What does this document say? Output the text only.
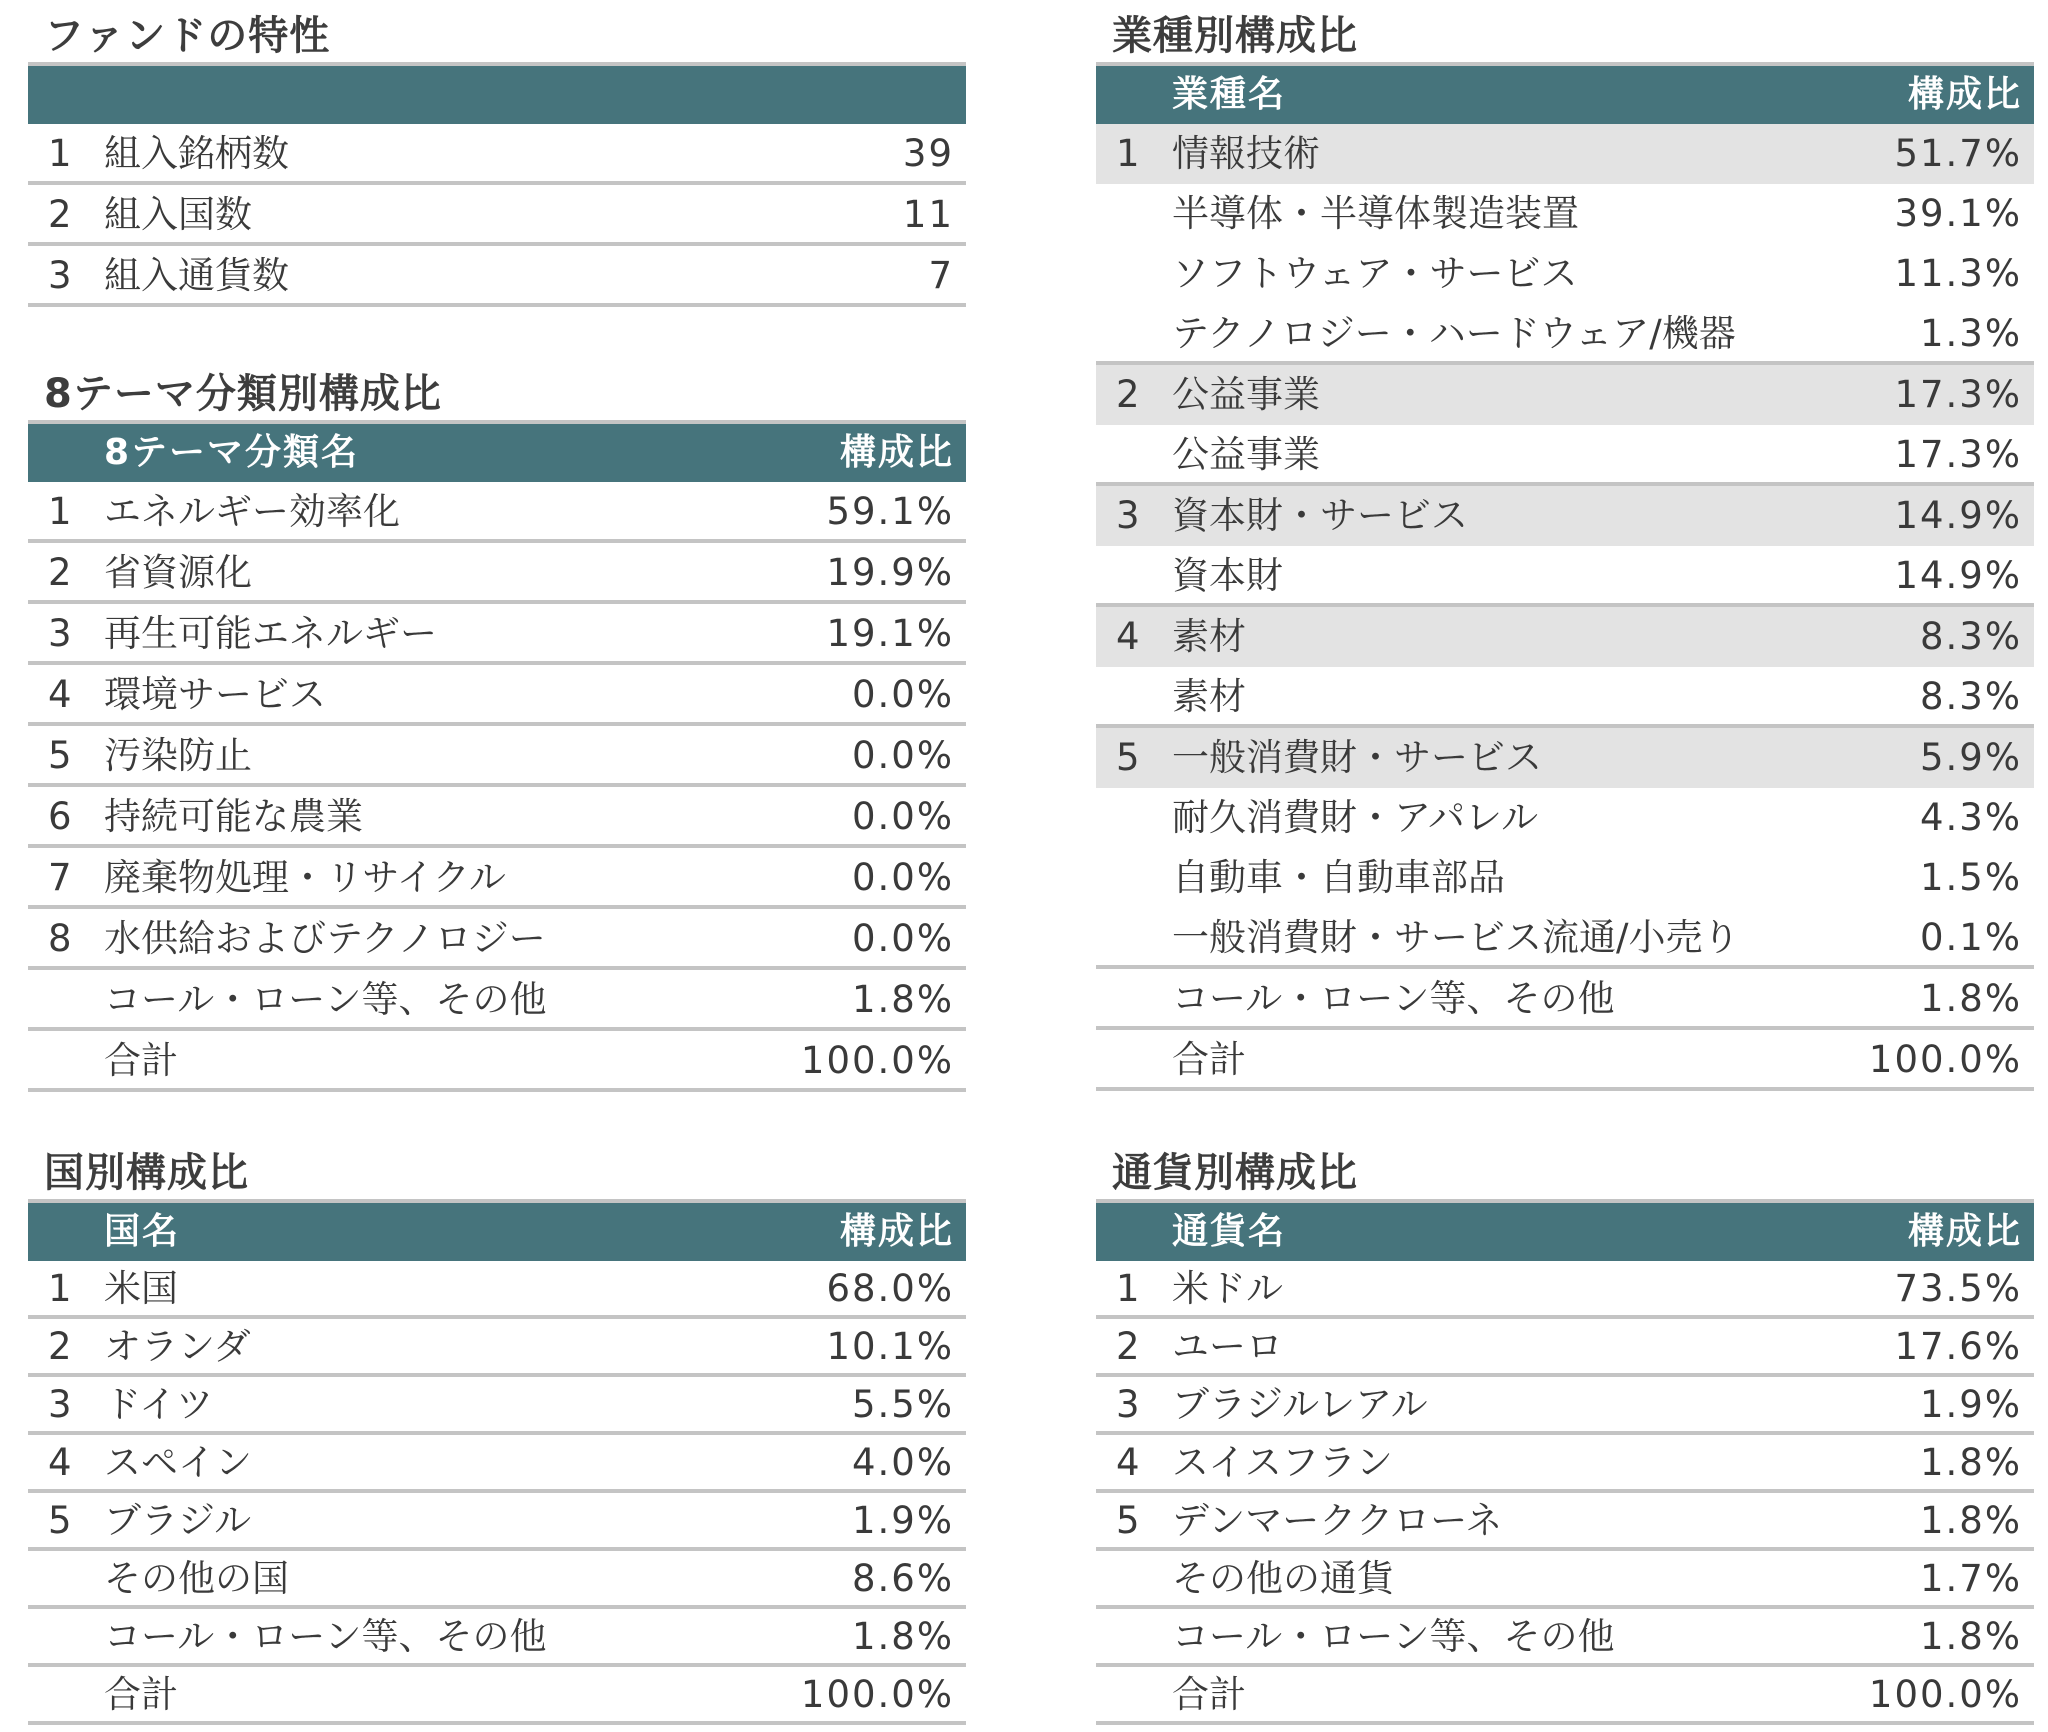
ファンドの特性
1 組入銘柄数	39
2 組入国数	11
3 組入通貨数	7
8テーマ分類別構成比
8テーマ分類名	構成比
1 エネルギー効率化	59.1%
2 省資源化	19.9%
3 再生可能エネルギー	19.1%
4 環境サービス	0.0%
5 汚染防止	0.0%
6 持続可能な農業	0.0%
7 廃棄物処理・リサイクル	0.0%
8 水供給およびテクノロジー	0.0%
コール・ローン等、その他	1.8%
合計	100.0%
国別構成比
国名	構成比
1 米国	68.0%
2 オランダ	10.1%
3 ドイツ	5.5%
4 スペイン	4.0%
5 ブラジル	1.9%
その他の国	8.6%
コール・ローン等、その他	1.8%
合計	100.0%
業種別構成比
業種名	構成比
1 情報技術	51.7%
半導体・半導体製造装置	39.1%
ソフトウェア・サービス	11.3%
テクノロジー・ハードウェア/機器	1.3%
2 公益事業	17.3%
公益事業	17.3%
3 資本財・サービス	14.9%
資本財	14.9%
4 素材	8.3%
素材	8.3%
5 一般消費財・サービス	5.9%
耐久消費財・アパレル	4.3%
自動車・自動車部品	1.5%
一般消費財・サービス流通/小売り	0.1%
コール・ローン等、その他	1.8%
合計	100.0%
通貨別構成比
通貨名	構成比
1 米ドル	73.5%
2 ユーロ	17.6%
3 ブラジルレアル	1.9%
4 スイスフラン	1.8%
5 デンマーククローネ	1.8%
その他の通貨	1.7%
コール・ローン等、その他	1.8%
合計	100.0%
